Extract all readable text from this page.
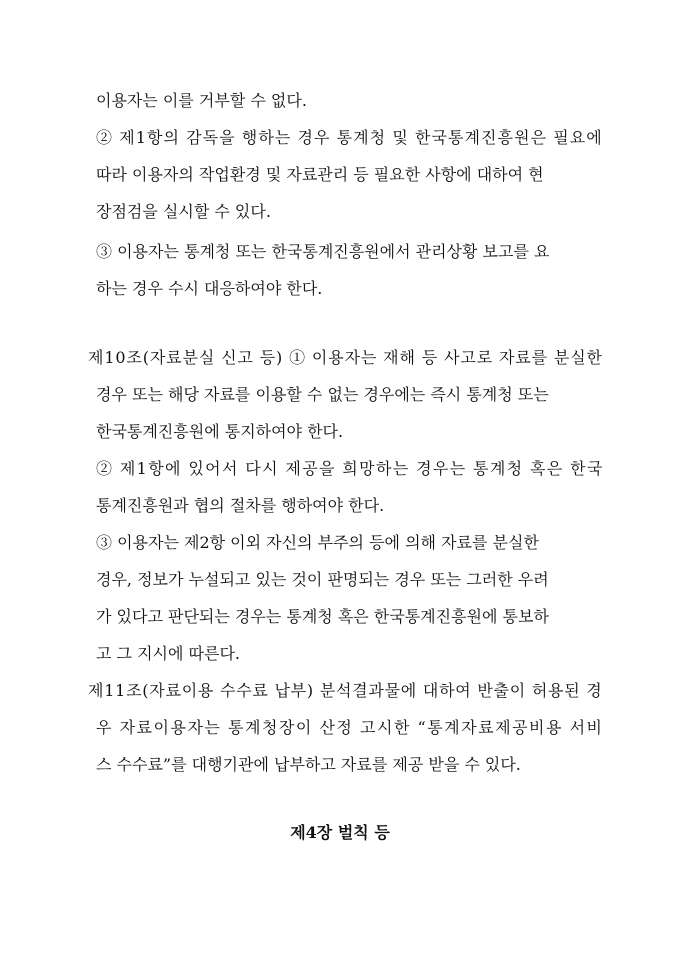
이용자는 이를 거부할 수 없다.
② 제1항의 감독을 행하는 경우 통계청 및 한국통계진흥원은 필요에
따라 이용자의 작업환경 및 자료관리 등 필요한 사항에 대하여 현
장점검을 실시할 수 있다.
③ 이용자는 통계청 또는 한국통계진흥원에서 관리상황 보고를 요
하는 경우 수시 대응하여야 한다.
제10조(자료분실 신고 등) ① 이용자는 재해 등 사고로 자료를 분실한
경우 또는 해당 자료를 이용할 수 없는 경우에는 즉시 통계청 또는
한국통계진흥원에 통지하여야 한다.
② 제1항에 있어서 다시 제공을 희망하는 경우는 통계청 혹은 한국
통계진흥원과 협의 절차를 행하여야 한다.
③ 이용자는 제2항 이외 자신의 부주의 등에 의해 자료를 분실한
경우, 정보가 누설되고 있는 것이 판명되는 경우 또는 그러한 우려
가 있다고 판단되는 경우는 통계청 혹은 한국통계진흥원에 통보하
고 그 지시에 따른다.
제11조(자료이용 수수료 납부) 분석결과물에 대하여 반출이 허용된 경
우 자료이용자는 통계청장이 산정 고시한 “통계자료제공비용 서비
스 수수료”를 대행기관에 납부하고 자료를 제공 받을 수 있다.
제4장 벌칙 등
